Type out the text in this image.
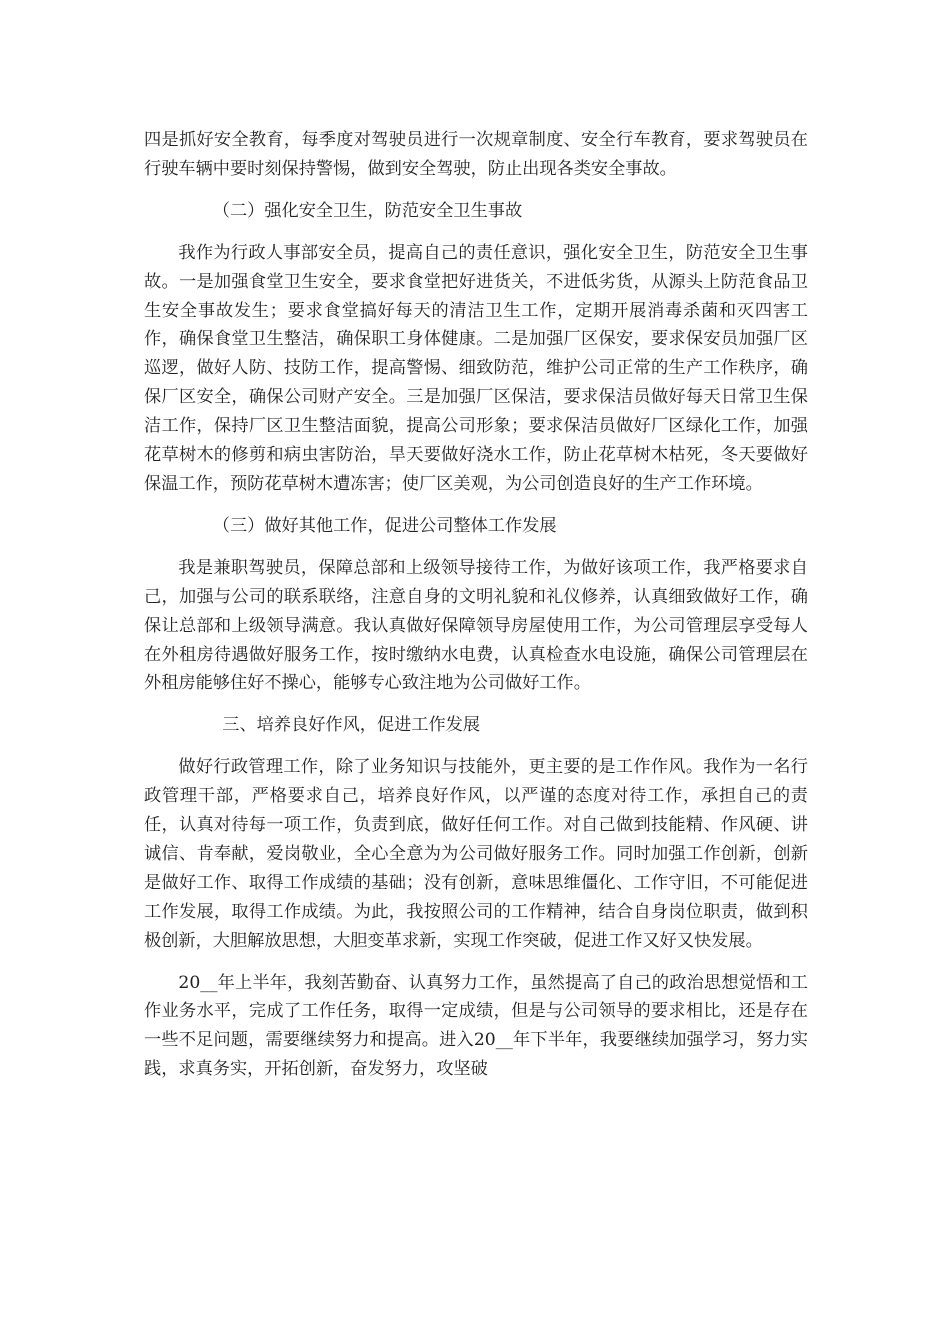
四是抓好安全教育，每季度对驾驶员进行一次规章制度、安全行车教育，要求驾驶员在行驶车辆中要时刻保持警惕，做到安全驾驶，防止出现各类安全事故。

（二）强化安全卫生，防范安全卫生事故

我作为行政人事部安全员，提高自己的责任意识，强化安全卫生，防范安全卫生事故。一是加强食堂卫生安全，要求食堂把好进货关，不进低劣货，从源头上防范食品卫生安全事故发生；要求食堂搞好每天的清洁卫生工作，定期开展消毒杀菌和灭四害工作，确保食堂卫生整洁，确保职工身体健康。二是加强厂区保安，要求保安员加强厂区巡逻，做好人防、技防工作，提高警惕、细致防范，维护公司正常的生产工作秩序，确保厂区安全，确保公司财产安全。三是加强厂区保洁，要求保洁员做好每天日常卫生保洁工作，保持厂区卫生整洁面貌，提高公司形象；要求保洁员做好厂区绿化工作，加强花草树木的修剪和病虫害防治，旱天要做好浇水工作，防止花草树木枯死，冬天要做好保温工作，预防花草树木遭冻害；使厂区美观，为公司创造良好的生产工作环境。

（三）做好其他工作，促进公司整体工作发展

我是兼职驾驶员，保障总部和上级领导接待工作，为做好该项工作，我严格要求自己，加强与公司的联系联络，注意自身的文明礼貌和礼仪修养，认真细致做好工作，确保让总部和上级领导满意。我认真做好保障领导房屋使用工作，为公司管理层享受每人在外租房待遇做好服务工作，按时缴纳水电费，认真检查水电设施，确保公司管理层在外租房能够住好不操心，能够专心致注地为公司做好工作。

三、培养良好作风，促进工作发展

做好行政管理工作，除了业务知识与技能外，更主要的是工作作风。我作为一名行政管理干部，严格要求自己，培养良好作风，以严谨的态度对待工作，承担自己的责任，认真对待每一项工作，负责到底，做好任何工作。对自己做到技能精、作风硬、讲诚信、肯奉献，爱岗敬业，全心全意为为公司做好服务工作。同时加强工作创新，创新是做好工作、取得工作成绩的基础；没有创新，意味思维僵化、工作守旧，不可能促进工作发展，取得工作成绩。为此，我按照公司的工作精神，结合自身岗位职责，做到积极创新，大胆解放思想，大胆变革求新，实现工作突破，促进工作又好又快发展。

20__年上半年，我刻苦勤奋、认真努力工作，虽然提高了自己的政治思想觉悟和工作业务水平，完成了工作任务，取得一定成绩，但是与公司领导的要求相比，还是存在一些不足问题，需要继续努力和提高。进入20__年下半年，我要继续加强学习，努力实践，求真务实，开拓创新，奋发努力，攻坚破
